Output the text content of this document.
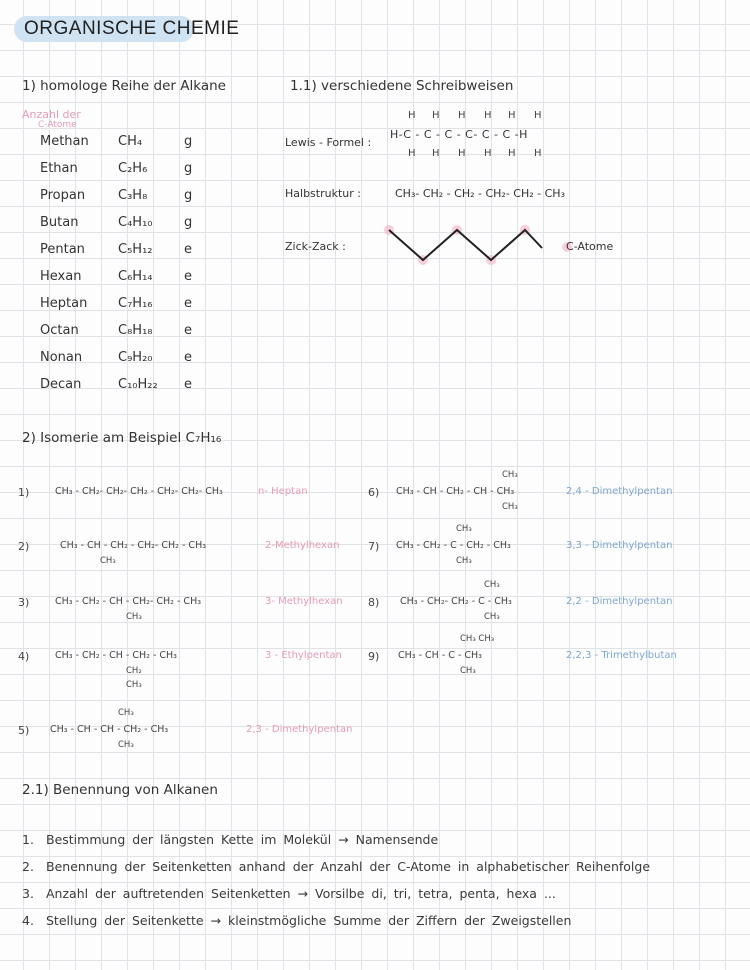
ORGANISCHE CHEMIE
1) homologe Reihe der Alkane
Anzahl der
C-Atome
Methan CH₄	g
Ethan	C₂H₆	g
Propan	C₃H₈	g
Butan	C₄H₁₀ g
Pentan	C₅H₁₂ e
Hexan	C₆H₁₄ e
Heptan C₇H₁₆ e
Octan	C₈H₁₈ e
Nonan	C₉H₂₀ e
Decan	C₁₀H₂₂ e
1.1) verschiedene Schreibweisen
Lewis - Formel :
H H H H H H
H-C - C - C - C- C - C -H
H H H H H H
Halbstruktur :	CH₃- CH₂ - CH₂ - CH₂- CH₂ - CH₃
Zick-Zack :	C-Atome
2) Isomerie am Beispiel C₇H₁₆
1)	CH₃ - CH₂- CH₂- CH₂ - CH₂- CH₂- CH₃	n- Heptan
2)	CH₃ - CH - CH₂ - CH₂- CH₂ - CH₃
CH₃
2-Methylhexan
3)	CH₃ - CH₂ - CH - CH₂- CH₂ - CH₃
CH₃
3- Methylhexan
4)	CH₃ - CH₂ - CH - CH₂ - CH₃
CH₂
CH₃
3 - Ethylpentan
5) CH₃ - CH - CH - CH₂ - CH₃
CH₃
CH₃
2,3 - Dimethylpentan
6) CH₃ - CH - CH₂ - CH - CH₃
CH₃
CH₃
2,4 - Dimethylpentan
7) CH₃ - CH₂ - C - CH₂ - CH₃
CH₃
CH₃
3,3 - Dimethylpentan
8) CH₃ - CH₂- CH₂ - C - CH₃
CH₃
CH₃
2,2 - Dimethylpentan
9) CH₃ - CH - C - CH₃
CH₃ CH₃
CH₃
2,2,3 - Trimethylbutan
2.1) Benennung von Alkanen
1. Bestimmung der längsten Kette im Molekül → Namensende
2. Benennung der Seitenketten anhand der Anzahl der C-Atome in alphabetischer Reihenfolge
3. Anzahl der auftretenden Seitenketten → Vorsilbe di, tri, tetra, penta, hexa ...
4. Stellung der Seitenkette → kleinstmögliche Summe der Ziffern der Zweigstellen
